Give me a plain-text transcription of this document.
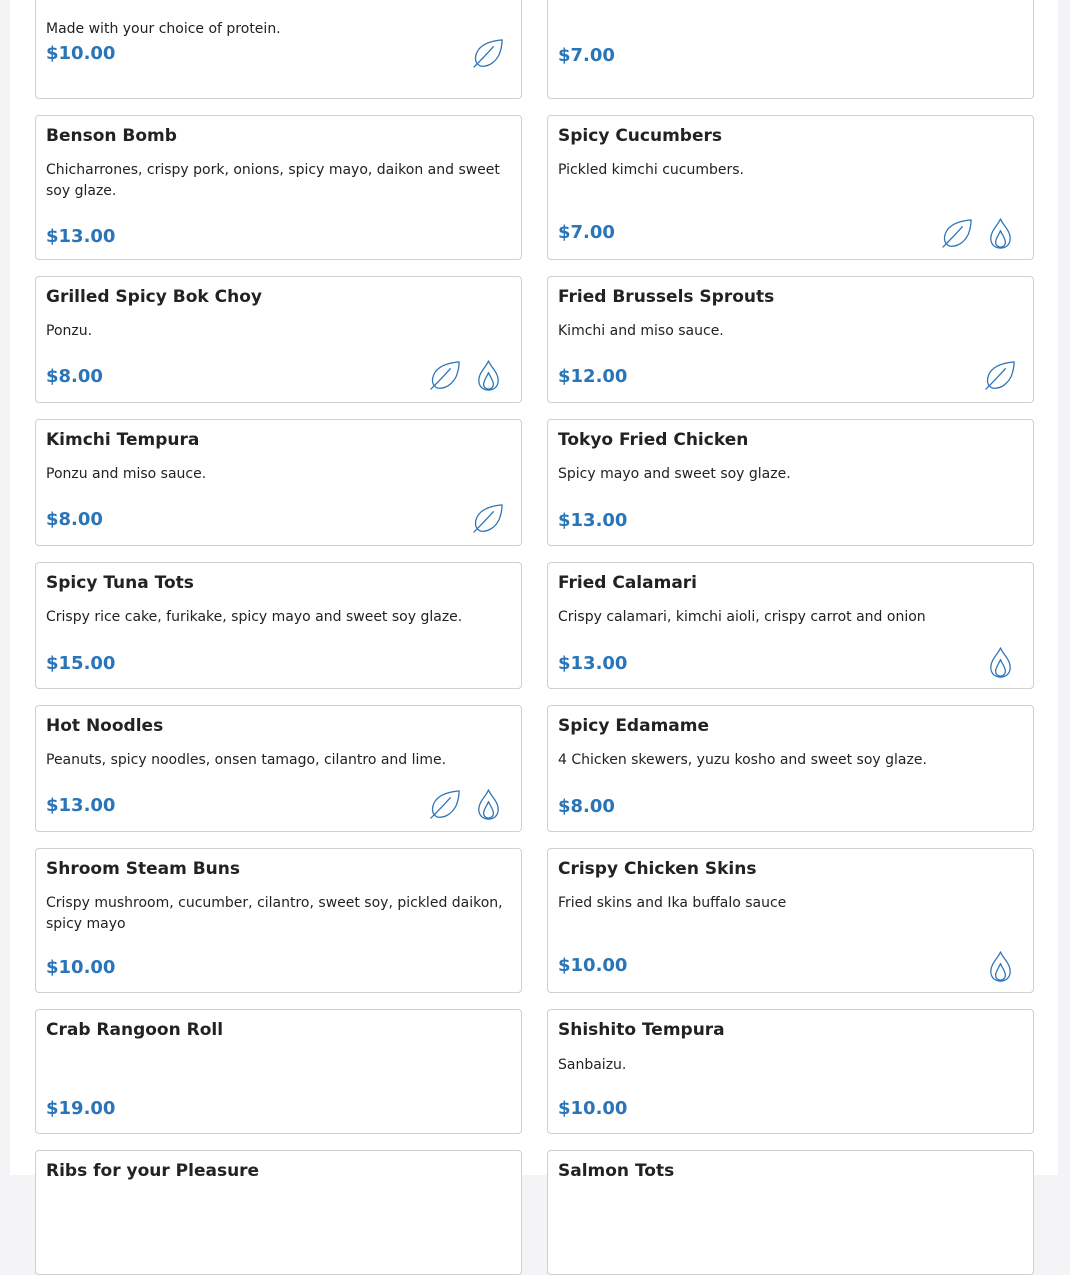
Made with your choice of protein.
$10.00	$7.00
Benson Bomb
Chicharrones, crispy pork, onions, spicy mayo, daikon and sweet soy glaze.
$13.00
Spicy Cucumbers
Pickled kimchi cucumbers.
$7.00
Grilled Spicy Bok Choy
Ponzu.
$8.00
Fried Brussels Sprouts
Kimchi and miso sauce.
$12.00
Kimchi Tempura
Ponzu and miso sauce.
$8.00
Tokyo Fried Chicken
Spicy mayo and sweet soy glaze.
$13.00
Spicy Tuna Tots
Crispy rice cake, furikake, spicy mayo and sweet soy glaze.
$15.00
Fried Calamari
Crispy calamari, kimchi aioli, crispy carrot and onion
$13.00
Hot Noodles
Peanuts, spicy noodles, onsen tamago, cilantro and lime.
$13.00
Spicy Edamame
4 Chicken skewers, yuzu kosho and sweet soy glaze.
$8.00
Shroom Steam Buns
Crispy mushroom, cucumber, cilantro, sweet soy, pickled daikon, spicy mayo
$10.00
Crispy Chicken Skins
Fried skins and Ika buffalo sauce
$10.00
Crab Rangoon Roll
$19.00
Shishito Tempura
Sanbaizu.
$10.00
Ribs for your Pleasure	Salmon Tots
